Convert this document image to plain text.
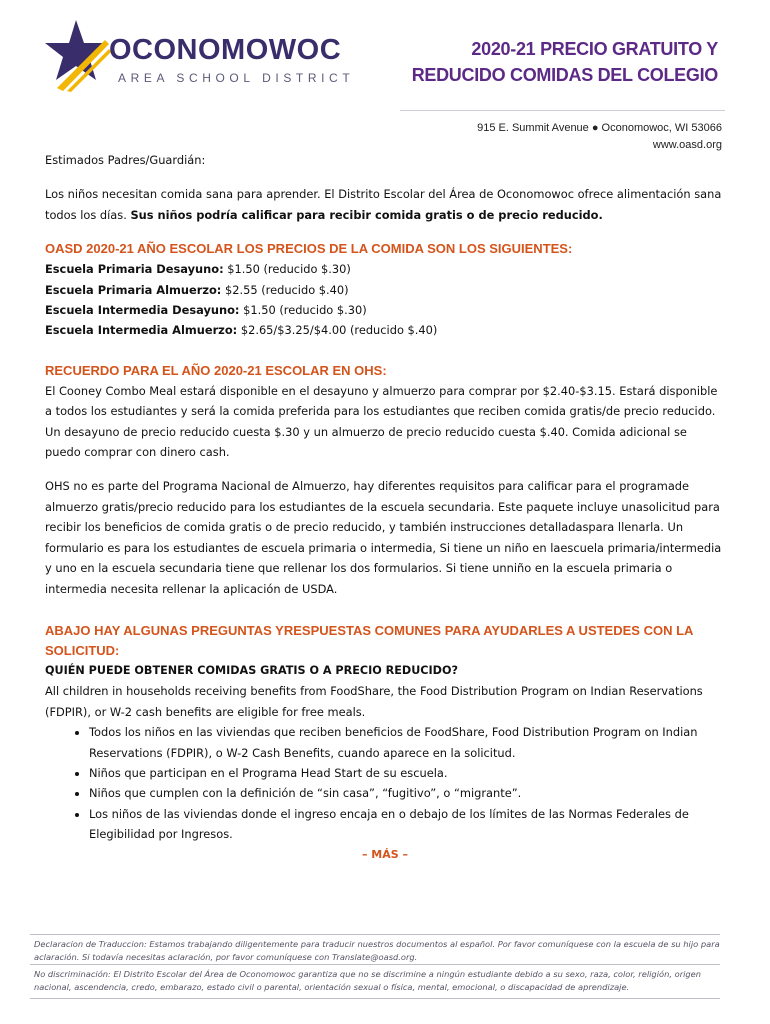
OCONOMOWOC
AREA SCHOOL DISTRICT
2020-21 PRECIO GRATUITO Y
REDUCIDO COMIDAS DEL COLEGIO
915 E. Summit Avenue ● Oconomowoc, WI 53066
www.oasd.org

Estimados Padres/Guardián:

Los niños necesitan comida sana para aprender. El Distrito Escolar del Área de Oconomowoc ofrece alimentación sana todos los días. Sus niños podría calificar para recibir comida gratis o de precio reducido.

OASD 2020-21 AÑO ESCOLAR LOS PRECIOS DE LA COMIDA SON LOS SIGUIENTES:

Escuela Primaria Desayuno: $1.50 (reducido $.30)
Escuela Primaria Almuerzo: $2.55 (reducido $.40)
Escuela Intermedia Desayuno: $1.50 (reducido $.30)
Escuela Intermedia Almuerzo: $2.65/$3.25/$4.00 (reducido $.40)

RECUERDO PARA EL AÑO 2020-21 ESCOLAR EN OHS:

El Cooney Combo Meal estará disponible en el desayuno y almuerzo para comprar por $2.40-$3.15. Estará disponible a todos los estudiantes y será la comida preferida para los estudiantes que reciben comida gratis/de precio reducido. Un desayuno de precio reducido cuesta $.30 y un almuerzo de precio reducido cuesta $.40. Comida adicional se puedo comprar con dinero cash.

OHS no es parte del Programa Nacional de Almuerzo, hay diferentes requisitos para calificar para el programade almuerzo gratis/precio reducido para los estudiantes de la escuela secundaria. Este paquete incluye unasolicitud para recibir los beneficios de comida gratis o de precio reducido, y también instrucciones detalladaspara llenarla. Un formulario es para los estudiantes de escuela primaria o intermedia, Si tiene un niño en laescuela primaria/intermedia y uno en la escuela secundaria tiene que rellenar los dos formularios. Si tiene unniño en la escuela primaria o intermedia necesita rellenar la aplicación de USDA.

ABAJO HAY ALGUNAS PREGUNTAS YRESPUESTAS COMUNES PARA AYUDARLES A USTEDES CON LA SOLICITUD:

QUIÉN PUEDE OBTENER COMIDAS GRATIS O A PRECIO REDUCIDO?

All children in households receiving benefits from FoodShare, the Food Distribution Program on Indian Reservations (FDPIR), or W-2 cash benefits are eligible for free meals.

• Todos los niños en las viviendas que reciben beneficios de FoodShare, Food Distribution Program on Indian Reservations (FDPIR), o W-2 Cash Benefits, cuando aparece en la solicitud.
• Niños que participan en el Programa Head Start de su escuela.
• Niños que cumplen con la definición de “sin casa”, “fugitivo”, o “migrante”.
• Los niños de las viviendas donde el ingreso encaja en o debajo de los límites de las Normas Federales de Elegibilidad por Ingresos.
– MÁS –
Declaracion de Traduccion: Estamos trabajando diligentemente para traducir nuestros documentos al español. Por favor comuníquese con la escuela de su hijo para aclaración. Si todavía necesitas aclaración, por favor comuníquese con Translate@oasd.org.
No discriminación: El Distrito Escolar del Área de Oconomowoc garantiza que no se discrimine a ningún estudiante debido a su sexo, raza, color, religión, origen nacional, ascendencia, credo, embarazo, estado civil o parental, orientación sexual o física, mental, emocional, o discapacidad de aprendizaje.
